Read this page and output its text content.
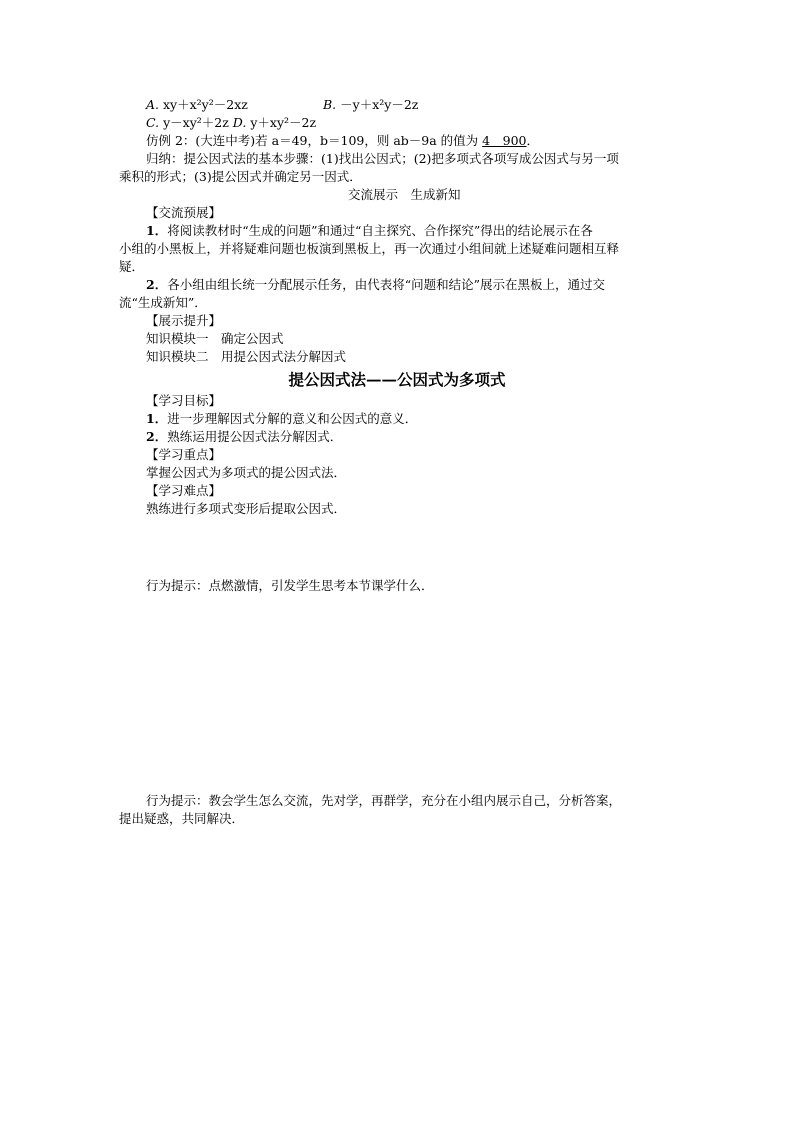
A. xy＋x²y²－2xz	B. －y＋x²y－2z
C. y－xy²＋2z D. y＋xy²－2z
仿例 2：(大连中考)若 a＝49，b＝109，则 ab－9a 的值为 4　900．
归纳：提公因式法的基本步骤：(1)找出公因式；(2)把多项式各项写成公因式与另一项
乘积的形式；(3)提公因式并确定另一因式．
交流展示　生成新知
【交流预展】
1．将阅读教材时“生成的问题”和通过“自主探究、合作探究”得出的结论展示在各
小组的小黑板上，并将疑难问题也板演到黑板上，再一次通过小组间就上述疑难问题相互释
疑．
2．各小组由组长统一分配展示任务，由代表将“问题和结论”展示在黑板上，通过交
流“生成新知”．
【展示提升】
知识模块一　确定公因式
知识模块二　用提公因式法分解因式
提公因式法——公因式为多项式
【学习目标】
1．进一步理解因式分解的意义和公因式的意义．
2．熟练运用提公因式法分解因式．
【学习重点】
掌握公因式为多项式的提公因式法．
【学习难点】
熟练进行多项式变形后提取公因式．
行为提示：点燃激情，引发学生思考本节课学什么．
行为提示：教会学生怎么交流，先对学，再群学，充分在小组内展示自己，分析答案，
提出疑惑，共同解决．
